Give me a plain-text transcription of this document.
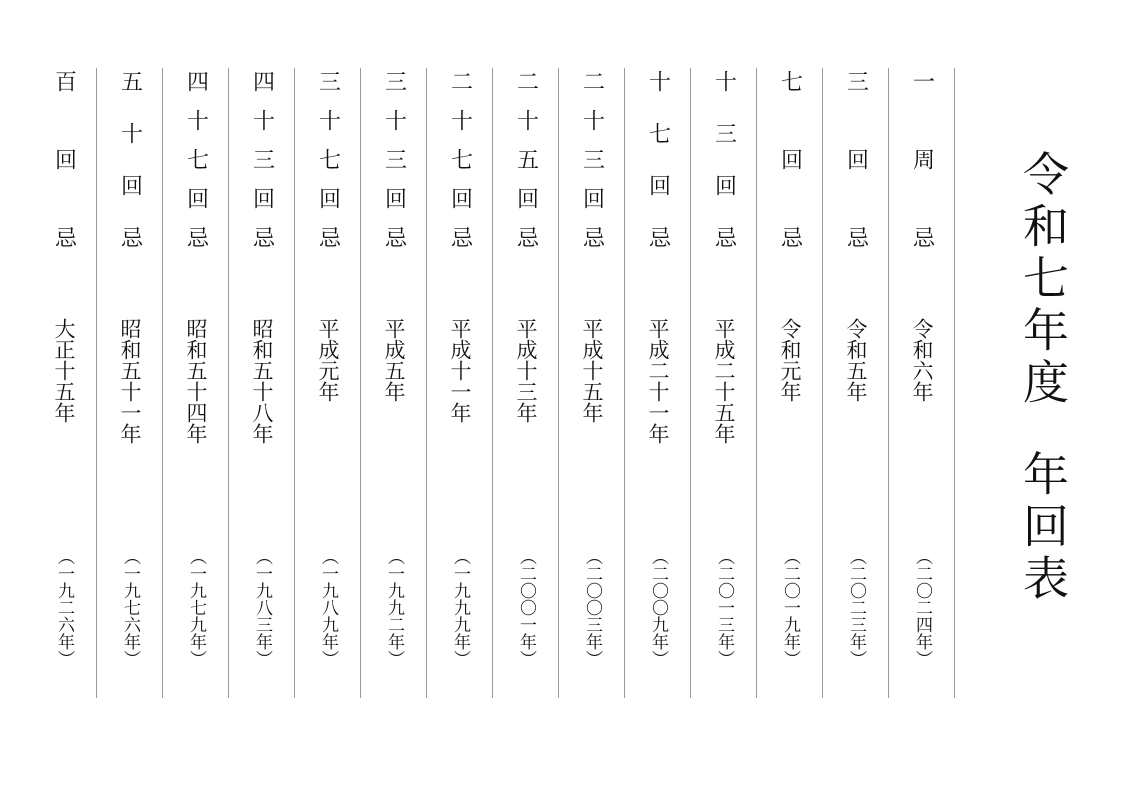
令和七年度年回表
一周忌
令和六年
（二〇二四年）
三回忌
令和五年
（二〇二三年）
七回忌
令和元年
（二〇一九年）
十三回忌
平成二十五年
（二〇一三年）
十七回忌
平成二十一年
（二〇〇九年）
二十三回忌
平成十五年
（二〇〇三年）
二十五回忌
平成十三年
（二〇〇一年）
二十七回忌
平成十一年
（一九九九年）
三十三回忌
平成五年
（一九九二年）
三十七回忌
平成元年
（一九八九年）
四十三回忌
昭和五十八年
（一九八三年）
四十七回忌
昭和五十四年
（一九七九年）
五十回忌
昭和五十一年
（一九七六年）
百回忌
大正十五年
（一九二六年）
